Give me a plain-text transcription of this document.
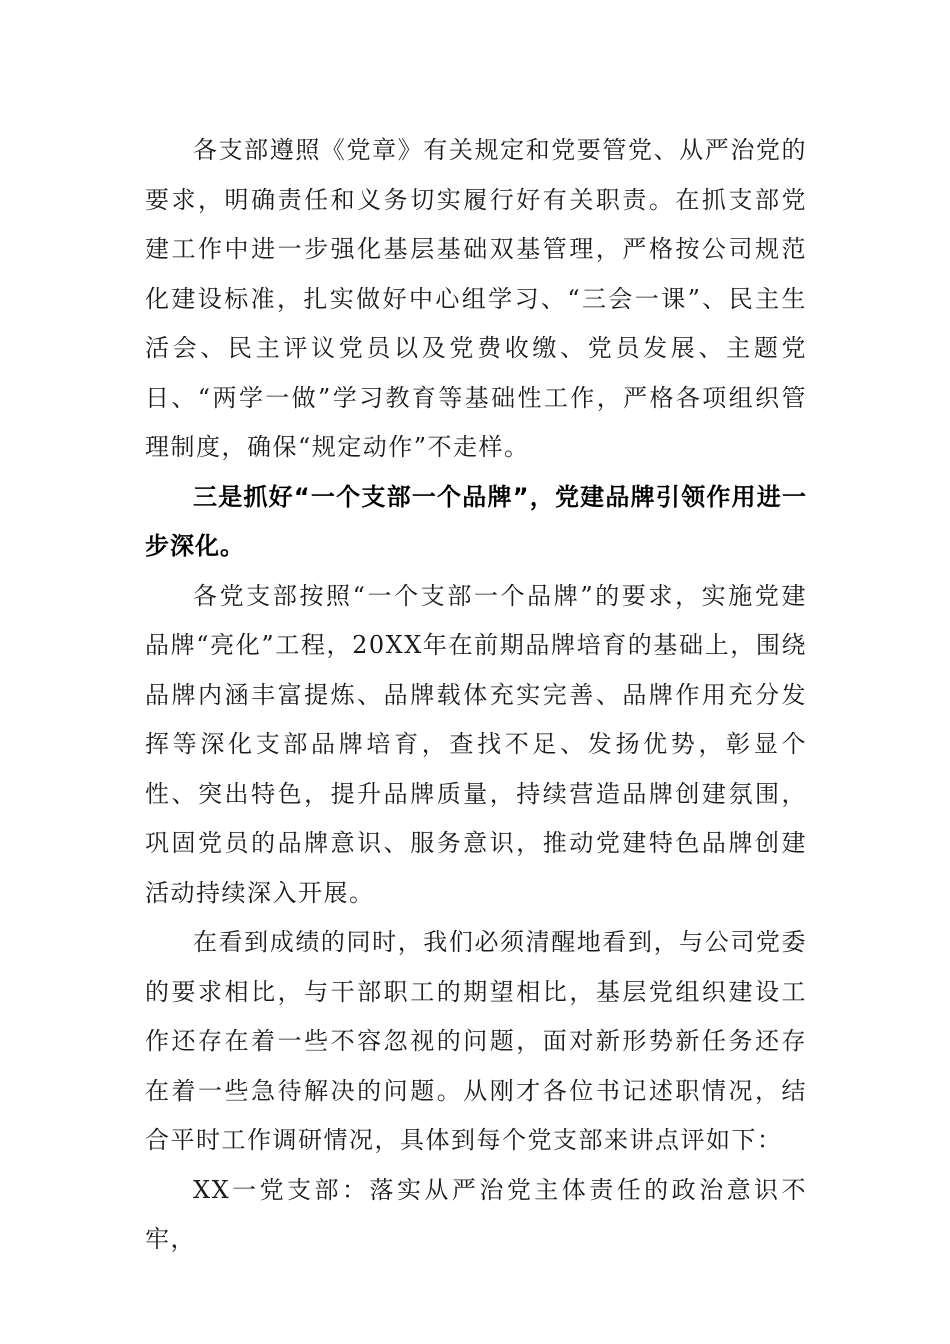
各支部遵照《党章》有关规定和党要管党、从严治党的要求，明确责任和义务切实履行好有关职责。在抓支部党建工作中进一步强化基层基础双基管理，严格按公司规范化建设标准，扎实做好中心组学习、“三会一课”、民主生活会、民主评议党员以及党费收缴、党员发展、主题党日、“两学一做”学习教育等基础性工作，严格各项组织管理制度，确保“规定动作”不走样。

三是抓好“一个支部一个品牌”，党建品牌引领作用进一步深化。

各党支部按照“一个支部一个品牌”的要求，实施党建品牌“亮化”工程，20XX年在前期品牌培育的基础上，围绕品牌内涵丰富提炼、品牌载体充实完善、品牌作用充分发挥等深化支部品牌培育，查找不足、发扬优势，彰显个性、突出特色，提升品牌质量，持续营造品牌创建氛围，巩固党员的品牌意识、服务意识，推动党建特色品牌创建活动持续深入开展。

在看到成绩的同时，我们必须清醒地看到，与公司党委的要求相比，与干部职工的期望相比，基层党组织建设工作还存在着一些不容忽视的问题，面对新形势新任务还存在着一些急待解决的问题。从刚才各位书记述职情况，结合平时工作调研情况，具体到每个党支部来讲点评如下：

XX一党支部：落实从严治党主体责任的政治意识不牢，
